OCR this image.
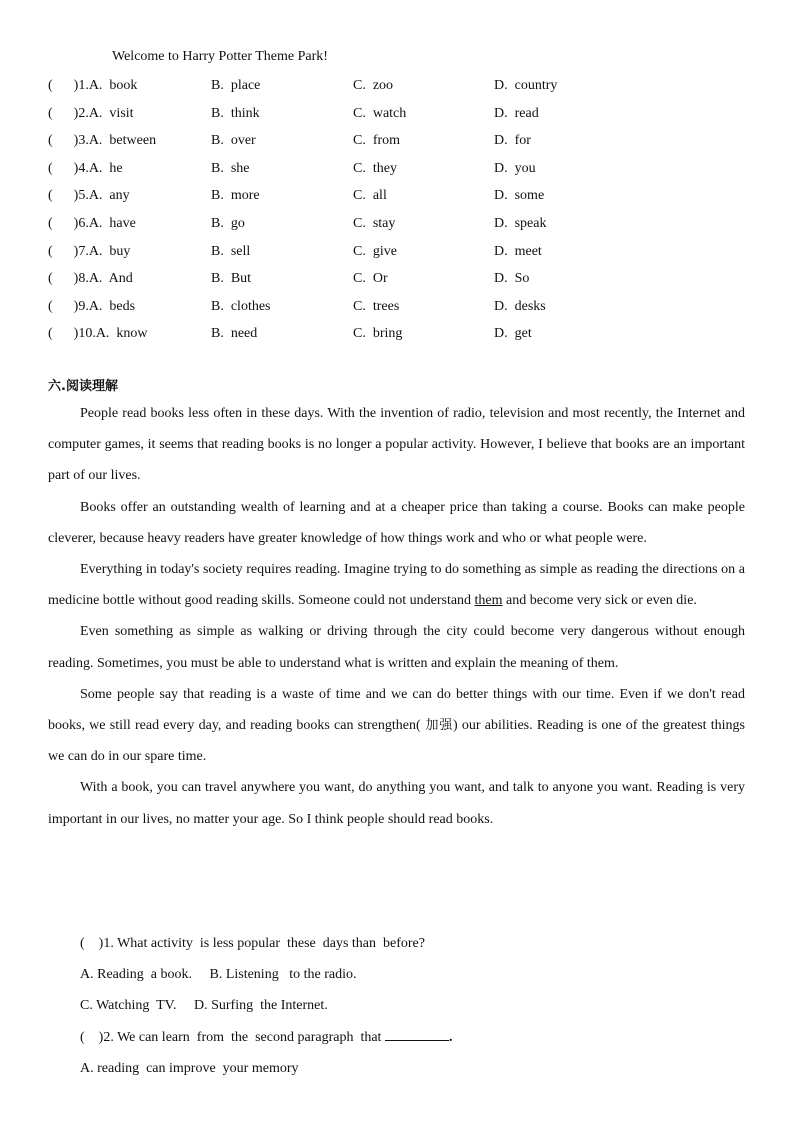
Welcome to Harry Potter Theme Park!
(      )1.A.  book	B.  place	C.  zoo	D.  country
(      )2.A.  visit	B.  think	C.  watch	D.  read
(      )3.A.  between	B.  over	C.  from	D.  for
(      )4.A.  he	B.  she	C.  they	D.  you
(      )5.A.  any	B.  more	C.  all	D.  some
(      )6.A.  have	B.  go	C.  stay	D.  speak
(      )7.A.  buy	B.  sell	C.  give	D.  meet
(      )8.A.  And	B.  But	C.  Or	D.  So
(      )9.A.  beds	B.  clothes	C.  trees	D.  desks
(      )10.A.  know	B.  need	C.  bring	D.  get
六.阅读理解

People read books less often in these days. With the invention of radio, television and most recently, the Internet and computer games, it seems that reading books is no longer a popular activity. However, I believe that books are an important part of our lives.

Books offer an outstanding wealth of learning and at a cheaper price than taking a course. Books can make people cleverer, because heavy readers have greater knowledge of how things work and who or what people were.

Everything in today's society requires reading. Imagine trying to do something as simple as reading the directions on a medicine bottle without good reading skills. Someone could not understand them and become very sick or even die.

Even something as simple as walking or driving through the city could become very dangerous without enough reading. Sometimes, you must be able to understand what is written and explain the meaning of them.

Some people say that reading is a waste of time and we can do better things with our time. Even if we don't read books, we still read every day, and reading books can strengthen( 加强) our abilities. Reading is one of the greatest things we can do in our spare time.

With a book, you can travel anywhere you want, do anything you want, and talk to anyone you want. Reading is very important in our lives, no matter your age. So I think people should read books.

(    )1. What activity  is less popular  these  days than  before?
A. Reading  a book.     B. Listening   to the radio.
C. Watching  TV.     D. Surfing  the Internet.
(    )2. We can learn  from  the  second paragraph  that	.
A. reading  can improve  your memory
